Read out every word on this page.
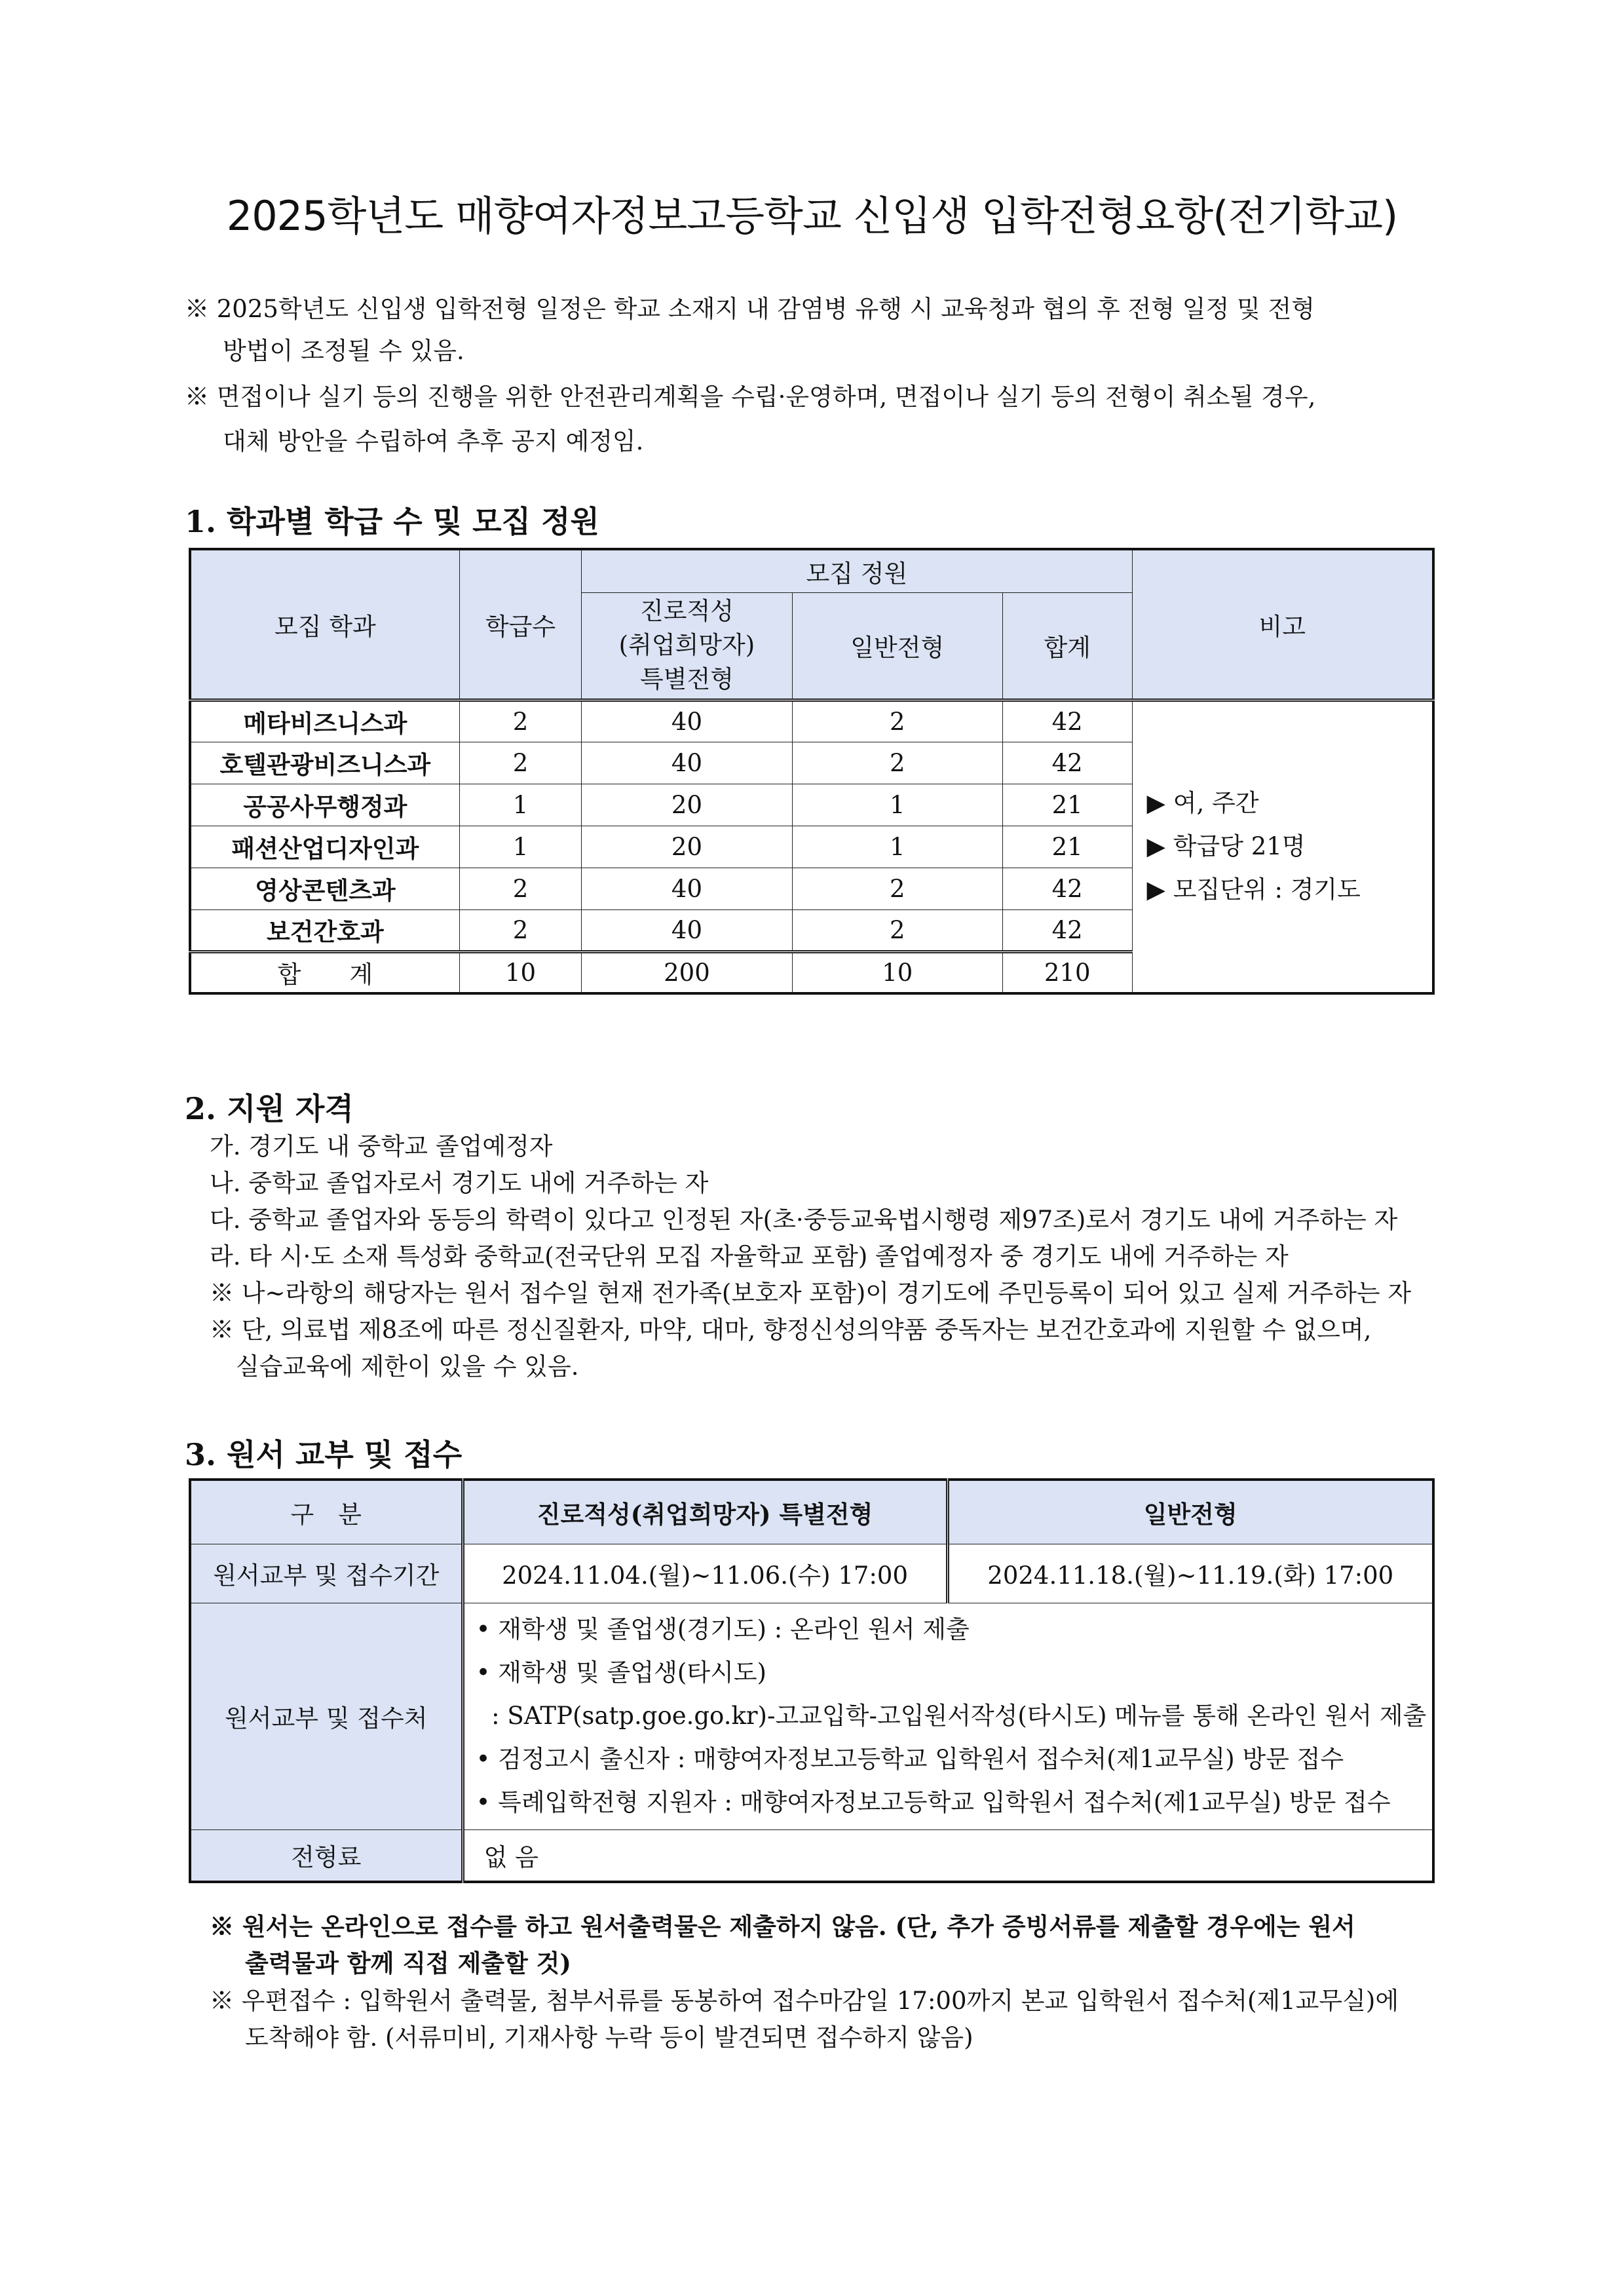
2025학년도 매향여자정보고등학교 신입생 입학전형요항(전기학교)
※ 2025학년도 신입생 입학전형 일정은 학교 소재지 내 감염병 유행 시 교육청과 협의 후 전형 일정 및 전형
방법이 조정될 수 있음.
※ 면접이나 실기 등의 진행을 위한 안전관리계획을 수립·운영하며, 면접이나 실기 등의 전형이 취소될 경우,
대체 방안을 수립하여 추후 공지 예정임.
1. 학과별 학급 수 및 모집 정원
모집 학과	학급수	모집 정원			비고

		진로적성
(취업희망자)
특별전형	일반전형	합계	
메타비즈니스과	2	40	2	42	▶ 여, 주간
▶ 학급당 21명
▶ 모집단위 : 경기도

호텔관광비즈니스과	2	40	2	42	
공공사무행정과	1	20	1	21	
패션산업디자인과	1	20	1	21	
영상콘텐츠과	2	40	2	42	
보건간호과	2	40	2	42	
합　　계	10	200	10	210	
2. 지원 자격
가. 경기도 내 중학교 졸업예정자
나. 중학교 졸업자로서 경기도 내에 거주하는 자
다. 중학교 졸업자와 동등의 학력이 있다고 인정된 자(초·중등교육법시행령 제97조)로서 경기도 내에 거주하는 자
라. 타 시·도 소재 특성화 중학교(전국단위 모집 자율학교 포함) 졸업예정자 중 경기도 내에 거주하는 자
※ 나~라항의 해당자는 원서 접수일 현재 전가족(보호자 포함)이 경기도에 주민등록이 되어 있고 실제 거주하는 자
※ 단, 의료법 제8조에 따른 정신질환자, 마약, 대마, 향정신성의약품 중독자는 보건간호과에 지원할 수 없으며,
실습교육에 제한이 있을 수 있음.
3. 원서 교부 및 접수
구　분	진로적성(취업희망자) 특별전형	일반전형
원서교부 및 접수기간	2024.11.04.(월)~11.06.(수) 17:00	2024.11.18.(월)~11.19.(화) 17:00
원서교부 및 접수처	• 재학생 및 졸업생(경기도) : 온라인 원서 제출
• 재학생 및 졸업생(타시도)
: SATP(satp.goe.go.kr)-고교입학-고입원서작성(타시도) 메뉴를 통해 온라인 원서 제출
• 검정고시 출신자 : 매향여자정보고등학교 입학원서 접수처(제1교무실) 방문 접수
• 특례입학전형 지원자 : 매향여자정보고등학교 입학원서 접수처(제1교무실) 방문 접수	

전형료	없 음	
※ 원서는 온라인으로 접수를 하고 원서출력물은 제출하지 않음. (단, 추가 증빙서류를 제출할 경우에는 원서
출력물과 함께 직접 제출할 것)
※ 우편접수 : 입학원서 출력물, 첨부서류를 동봉하여 접수마감일 17:00까지 본교 입학원서 접수처(제1교무실)에
도착해야 함. (서류미비, 기재사항 누락 등이 발견되면 접수하지 않음)
